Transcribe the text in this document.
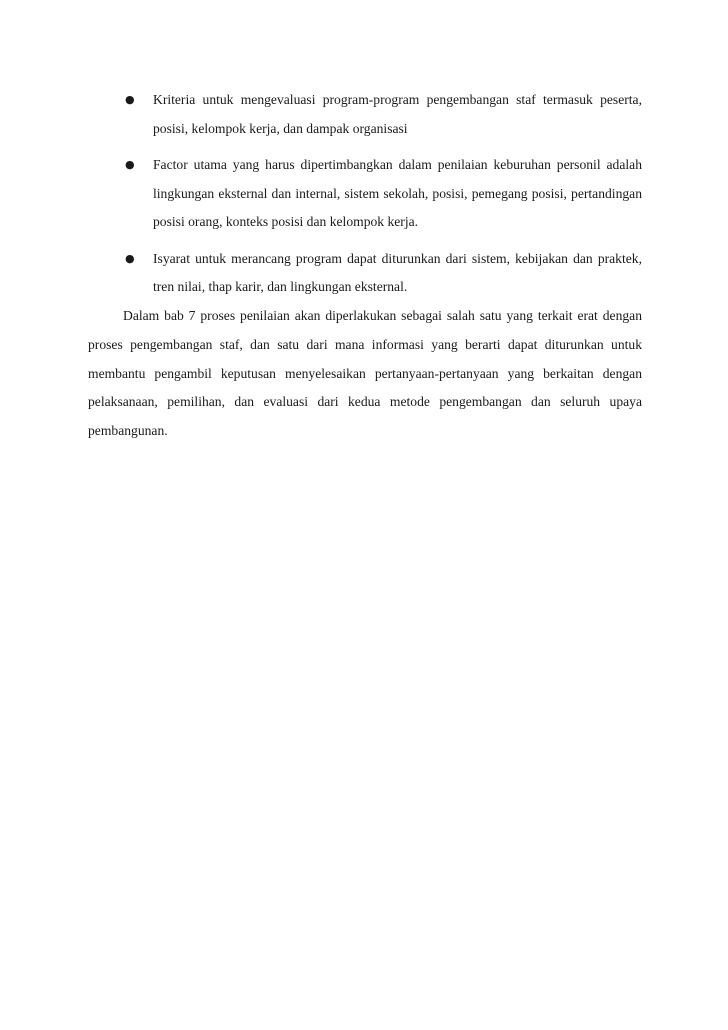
●	Kriteria untuk mengevaluasi program-program pengembangan staf termasuk peserta, posisi, kelompok kerja, dan dampak organisasi
●	Factor utama yang harus dipertimbangkan dalam penilaian keburuhan personil adalah lingkungan eksternal dan internal, sistem sekolah, posisi, pemegang posisi, pertandingan posisi orang, konteks posisi dan kelompok kerja.
●	Isyarat untuk merancang program dapat diturunkan dari sistem, kebijakan dan praktek, tren nilai, thap karir, dan lingkungan eksternal.

Dalam bab 7 proses penilaian akan diperlakukan sebagai salah satu yang terkait erat dengan proses pengembangan staf, dan satu dari mana informasi yang berarti dapat diturunkan untuk membantu pengambil keputusan menyelesaikan pertanyaan-pertanyaan yang berkaitan dengan pelaksanaan, pemilihan, dan evaluasi dari kedua metode pengembangan dan seluruh upaya pembangunan.
